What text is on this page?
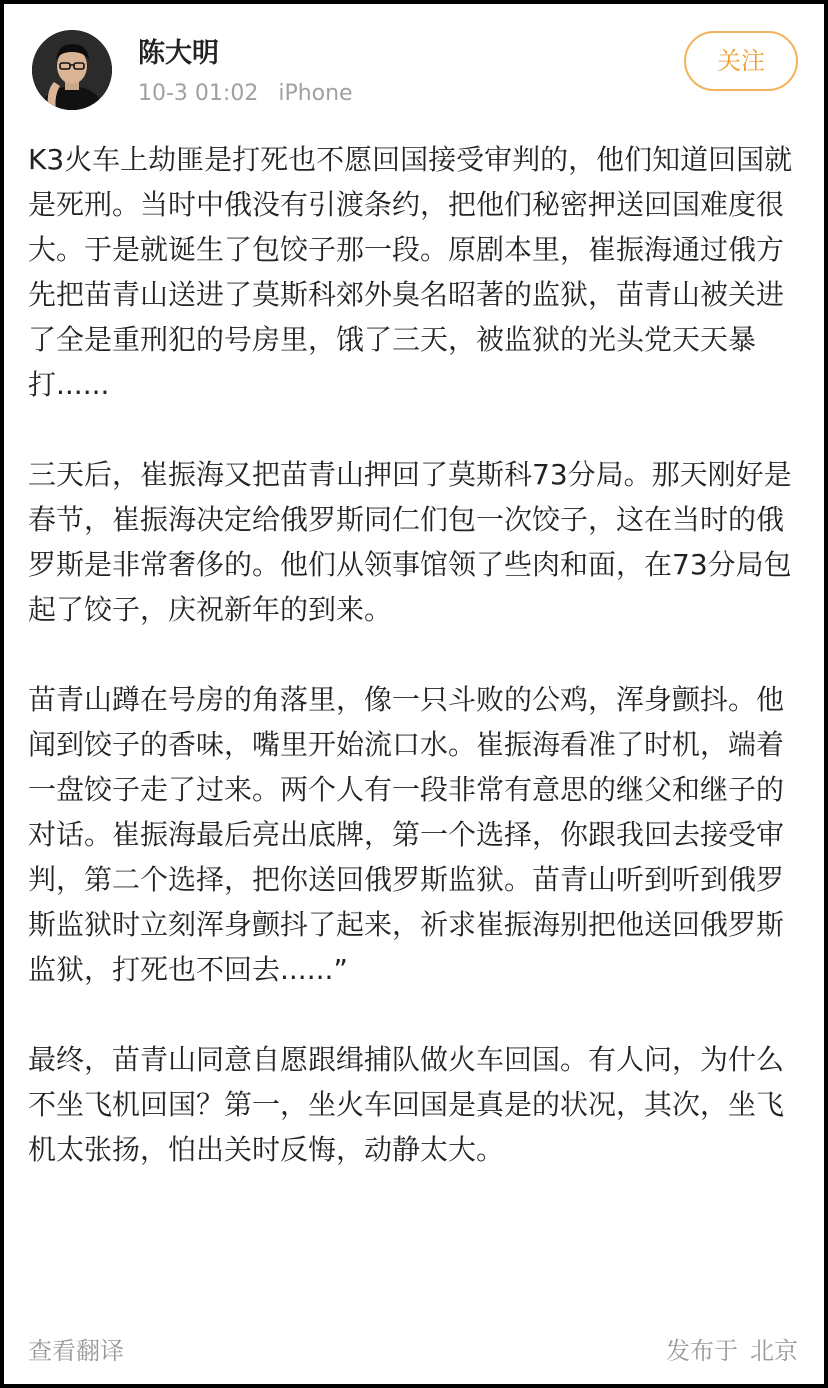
陈大明
10-3 01:02 iPhone
关注

K3火车上劫匪是打死也不愿回国接受审判的，他们知道回国就是死刑。当时中俄没有引渡条约，把他们秘密押送回国难度很大。于是就诞生了包饺子那一段。原剧本里，崔振海通过俄方先把苗青山送进了莫斯科郊外臭名昭著的监狱，苗青山被关进了全是重刑犯的号房里，饿了三天，被监狱的光头党天天暴打......

三天后，崔振海又把苗青山押回了莫斯科73分局。那天刚好是春节，崔振海决定给俄罗斯同仁们包一次饺子，这在当时的俄罗斯是非常奢侈的。他们从领事馆领了些肉和面，在73分局包起了饺子，庆祝新年的到来。

苗青山蹲在号房的角落里，像一只斗败的公鸡，浑身颤抖。他闻到饺子的香味，嘴里开始流口水。崔振海看准了时机，端着一盘饺子走了过来。两个人有一段非常有意思的继父和继子的对话。崔振海最后亮出底牌，第一个选择，你跟我回去接受审判，第二个选择，把你送回俄罗斯监狱。苗青山听到听到俄罗斯监狱时立刻浑身颤抖了起来，祈求崔振海别把他送回俄罗斯监狱，打死也不回去......”

最终，苗青山同意自愿跟缉捕队做火车回国。有人问，为什么不坐飞机回国？第一，坐火车回国是真是的状况，其次，坐飞机太张扬，怕出关时反悔，动静太大。

查看翻译	发布于 北京
